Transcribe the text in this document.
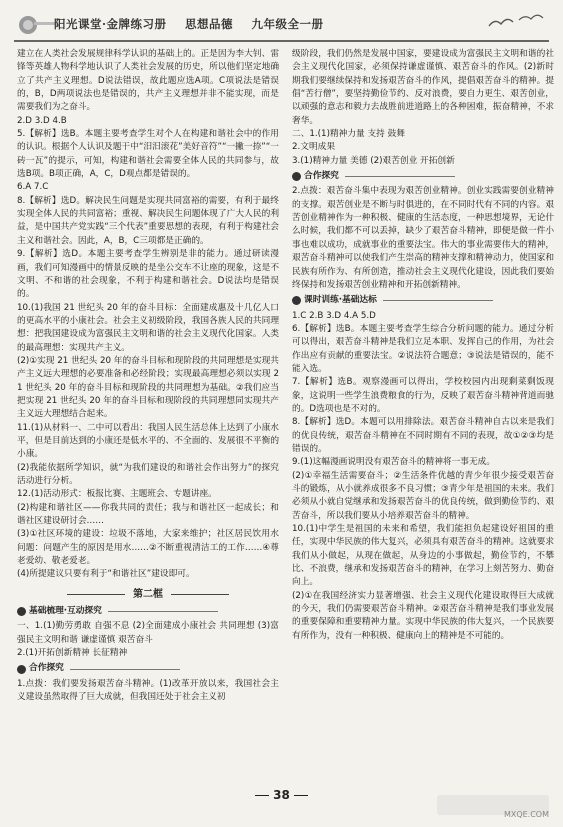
阳光课堂·金牌练习册 思想品德 九年级全一册

建立在人类社会发展规律科学认识的基础上的。正是因为李大钊、雷锋等英雄人物科学地认识了人类社会发展的历史，所以他们坚定地确立了共产主义理想。D说法错误，故此题应选A项。C项说法是错误的，B，D两项说法也是错误的，共产主义理想并非不能实现，而是需要我们为之奋斗。

2.D 3.D 4.B

5.【解析】选B。本题主要考查学生对个人在构建和谐社会中的作用的认识。根据个人认识及题干中“汨汨滚花”美好音符”“一撇一捺”“一砖一瓦”的提示，可知，构建和谐社会需要全体人民的共同参与，故选B项。B项正确，A，C，D观点都是错误的。

6.A 7.C

8.【解析】选D。解决民生问题是实现共同富裕的需要，有利于最终实现全体人民的共同富裕；重视、解决民生问题体现了广大人民的利益，是中国共产党实践“三个代表”重要思想的表现，有利于构建社会主义和谐社会。因此，A，B，C三项都是正确的。

9.【解析】选D。本题主要考查学生辨别是非的能力。通过研读漫画，我们可知漫画中的情景反映的是坐公交车不让座的现象，这是不文明、不和谐的社会现象，不利于构建和谐社会。D说法均是错误的。

10.(1)我国 21 世纪头 20 年的奋斗目标：全面建成惠及十几亿人口的更高水平的小康社会。社会主义初级阶段，我国各族人民的共同理想：把我国建设成为富强民主文明和谐的社会主义现代化国家。人类的最高理想：实现共产主义。

(2)①实现 21 世纪头 20 年的奋斗目标和现阶段的共同理想是实现共产主义远大理想的必要准备和必经阶段；实现最高理想必须以实现 21 世纪头 20 年的奋斗目标和现阶段的共同理想为基础。②我们应当把实现 21 世纪头 20 年的奋斗目标和现阶段的共同理想同实现共产主义远大理想结合起来。

11.(1)从材料一、二中可以看出：我国人民生活总体上达到了小康水平，但是目前达到的小康还是低水平的、不全面的、发展很不平衡的小康。

(2)我能依据所学知识，就“为我们建设的和谐社会作出努力”的探究活动进行分析。

12.(1)活动形式：板报比赛、主题班会、专题讲座。

(2)构建和谐社区——你我共同的责任；我与和谐社区一起成长；和谐社区建设研讨会……

(3)①社区环境的建设：垃圾不落地，大家来维护；社区居民饮用水问题：问题产生的原因是用水……②不断重视清洁工的工作……④尊老爱幼、敬老爱老。

(4)所提建议只要有利于“和谐社区”建设即可。

第二框
基础梳理·互动探究

一、1.(1)勤劳勇敢 自强不息 (2)全面建成小康社会 共同理想 (3)富强民主文明和谐 谦虚谨慎 艰苦奋斗

2.(1)开拓创新精神 长征精神

合作探究

1.点拨：我们要发扬艰苦奋斗精神。(1)改革开放以来，我国社会主义建设虽然取得了巨大成就，但我国还处于社会主义初

级阶段，我们仍然是发展中国家，要建设成为富强民主文明和谐的社会主义现代化国家，必须保持谦虚谨慎、艰苦奋斗的作风。(2)新时期我们要继续保持和发扬艰苦奋斗的作风，提倡艰苦奋斗的精神。提倡“苦行僧”，要坚持勤俭节约、反对浪费，要自力更生、艰苦创业，以顽强的意志和毅力去战胜前进道路上的各种困难，振奋精神，不求奢华。

二、1.(1)精神力量 支持 鼓舞

2.文明成果

3.(1)精神力量 美德 (2)艰苦创业 开拓创新

合作探究

2.点拨：艰苦奋斗集中表现为艰苦创业精神。创业实践需要创业精神的支撑。艰苦创业是不断与时俱进的，在不同时代有不同的内容。艰苦创业精神作为一种积极、健康的生活态度，一种思想境界，无论什么时候，我们都不可以丢掉，缺少了艰苦奋斗精神，即便是做一件小事也难以成功，成就事业的重要法宝。伟大的事业需要伟大的精神，艰苦奋斗精神可以使我们产生崇高的精神支撑和精神动力，使国家和民族有所作为、有所创造，推动社会主义现代化建设，因此我们要始终保持和发扬艰苦创业精神和开拓创新精神。

课时训练·基础达标

1.C 2.B 3.D 4.A 5.D

6.【解析】选B。本题主要考查学生综合分析问题的能力。通过分析可以得出，艰苦奋斗精神是我们立足本职、发挥自己的作用，为社会作出应有贡献的重要法宝。②说法符合题意；③说法是错误的，能不能入选。

7.【解析】选B。观察漫画可以得出，学校校园内出现剩菜剩饭现象，这说明一些学生浪费粮食的行为，反映了艰苦奋斗精神背道而驰的。D选项也是不对的。

8.【解析】选D。本题可以用排除法。艰苦奋斗精神自古以来是我们的优良传统，艰苦奋斗精神在不同时期有不同的表现，故①②③均是错误的。

9.(1)这幅漫画说明没有艰苦奋斗的精神将一事无成。

(2)①幸福生活需要奋斗；②生活条件优越的青少年很少接受艰苦奋斗的锻炼，从小就养成很多不良习惯；③青少年是祖国的未来。我们必须从小就自觉继承和发扬艰苦奋斗的优良传统，做到勤俭节约、艰苦奋斗，所以我们要从小培养艰苦奋斗的精神。

10.(1)中学生是祖国的未来和希望，我们能担负起建设好祖国的重任，实现中华民族的伟大复兴，必须具有艰苦奋斗的精神。这就要求我们从小做起，从现在做起，从身边的小事做起，勤俭节约，不攀比、不浪费，继承和发扬艰苦奋斗的精神，在学习上刻苦努力、勤奋向上。

(2)①在我国经济实力显著增强、社会主义现代化建设取得巨大成就的今天，我们仍需要艰苦奋斗精神。②艰苦奋斗精神是我们事业发展的重要保障和重要精神力量。实现中华民族的伟大复兴，一个民族要有所作为，没有一种积极、健康向上的精神是不可能的。

38
MXQE.COM
